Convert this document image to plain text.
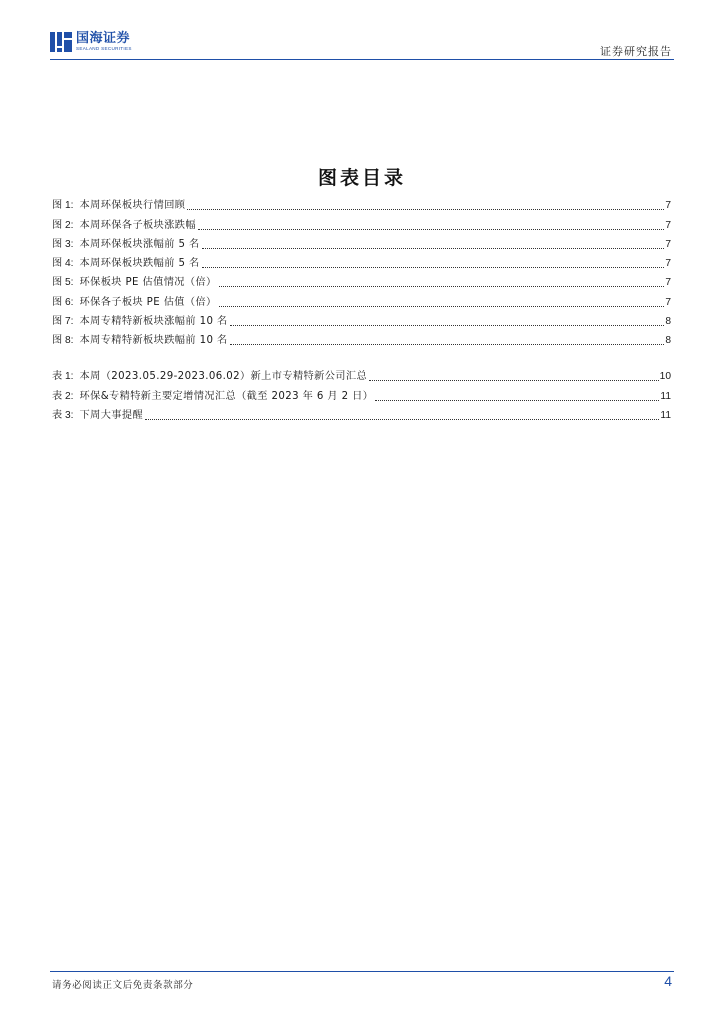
国海证券
SEALAND SECURITIES	证券研究报告
图表目录
图 1: 本周环保板块行情回顾	7
图 2: 本周环保各子板块涨跌幅	7
图 3: 本周环保板块涨幅前 5 名	7
图 4: 本周环保板块跌幅前 5 名	7
图 5: 环保板块 PE 估值情况（倍）	7
图 6: 环保各子板块 PE 估值（倍）	7
图 7: 本周专精特新板块涨幅前 10 名	8
图 8: 本周专精特新板块跌幅前 10 名	8
表 1: 本周（2023.05.29-2023.06.02）新上市专精特新公司汇总	10
表 2: 环保&专精特新主要定增情况汇总（截至 2023 年 6 月 2 日）	11
表 3: 下周大事提醒	11
请务必阅读正文后免责条款部分	4
